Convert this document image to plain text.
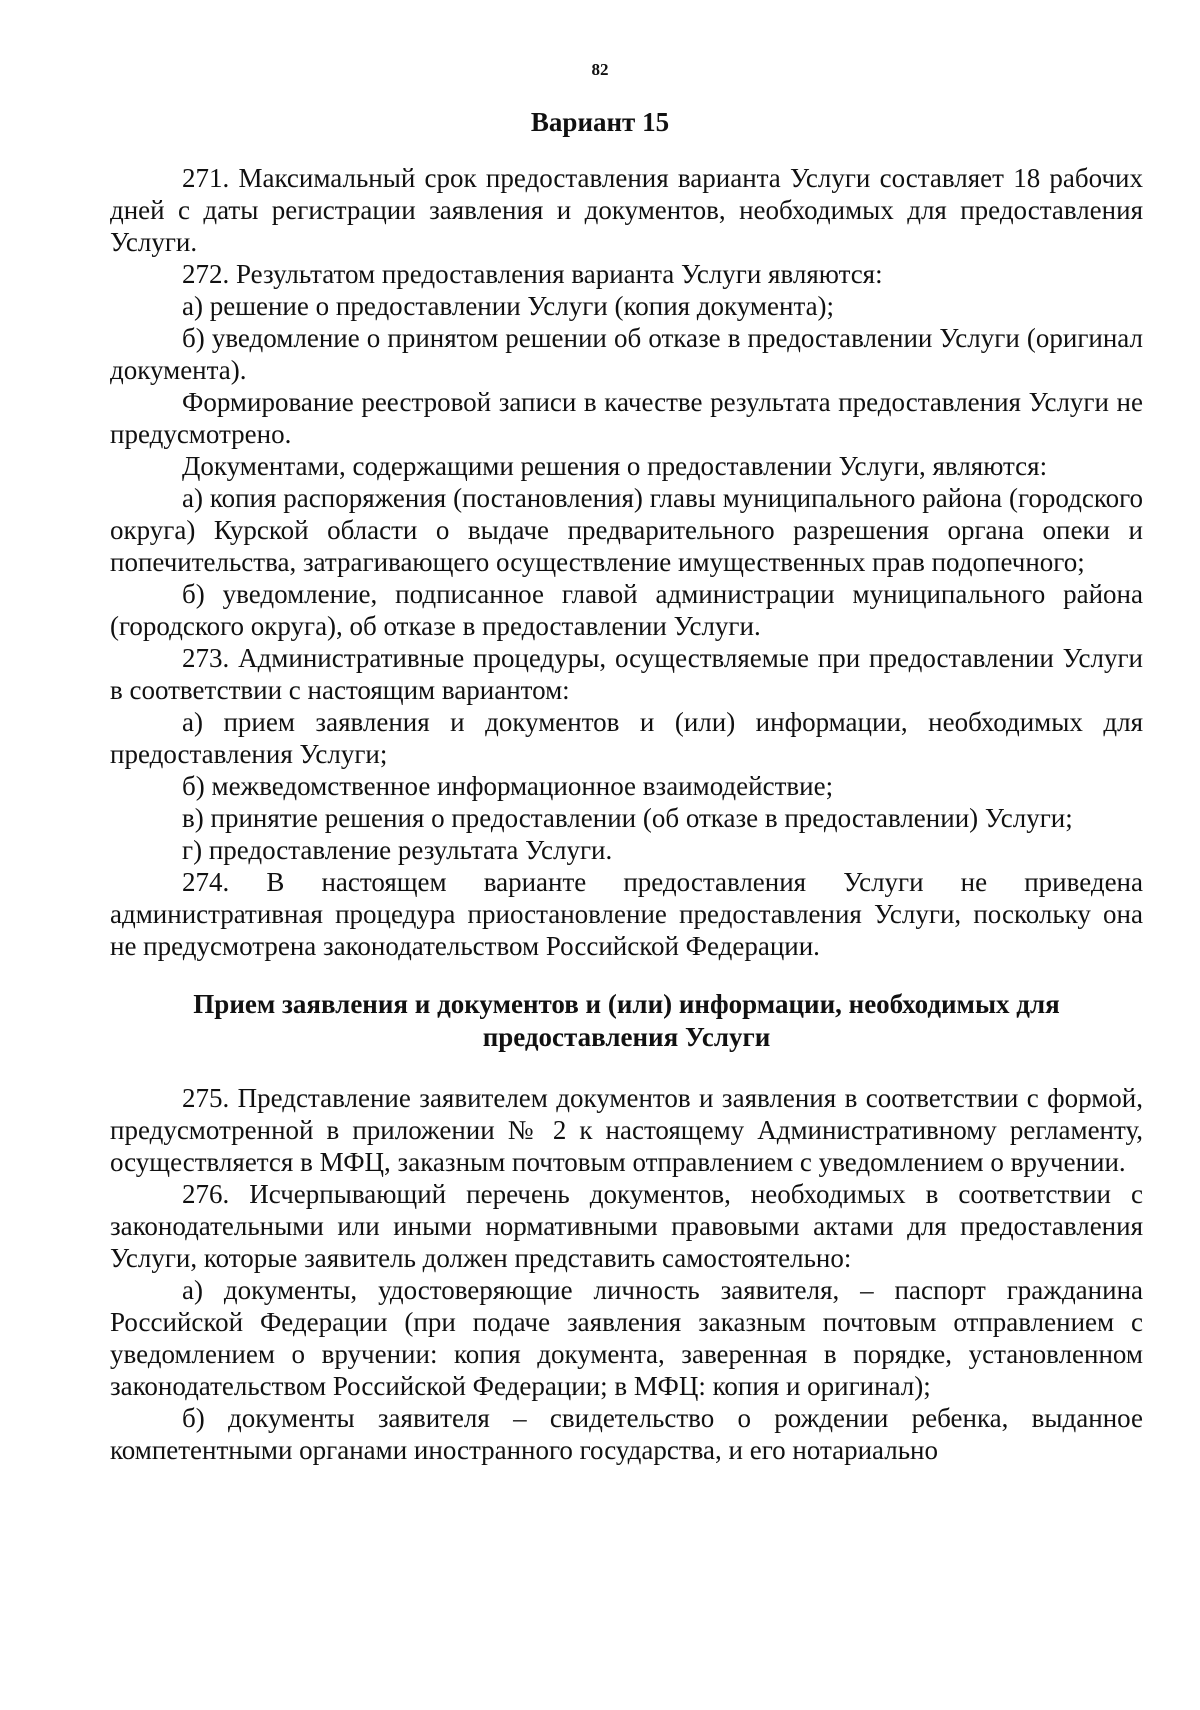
82
Вариант 15

271. Максимальный срок предоставления варианта Услуги составляет 18 рабочих дней с даты регистрации заявления и документов, необходимых для предоставления Услуги.

272. Результатом предоставления варианта Услуги являются:

а) решение о предоставлении Услуги (копия документа);

б) уведомление о принятом решении об отказе в предоставлении Услуги (оригинал документа).

Формирование реестровой записи в качестве результата предоставления Услуги не предусмотрено.

Документами, содержащими решения о предоставлении Услуги, являются:

а) копия распоряжения (постановления) главы муниципального района (городского округа) Курской области о выдаче предварительного разрешения органа опеки и попечительства, затрагивающего осуществление имущественных прав подопечного;

б) уведомление, подписанное главой администрации муниципального района (городского округа), об отказе в предоставлении Услуги.

273. Административные процедуры, осуществляемые при предоставлении Услуги в соответствии с настоящим вариантом:

а) прием заявления и документов и (или) информации, необходимых для предоставления Услуги;

б) межведомственное информационное взаимодействие;

в) принятие решения о предоставлении (об отказе в предоставлении) Услуги;

г) предоставление результата Услуги.

274. В настоящем варианте предоставления Услуги не приведена административная процедура приостановление предоставления Услуги, поскольку она не предусмотрена законодательством Российской Федерации.

Прием заявления и документов и (или) информации, необходимых для
предоставления Услуги

275. Представление заявителем документов и заявления в соответствии с формой, предусмотренной в приложении № 2 к настоящему Административному регламенту, осуществляется в МФЦ, заказным почтовым отправлением с уведомлением о вручении.

276. Исчерпывающий перечень документов, необходимых в соответствии с законодательными или иными нормативными правовыми актами для предоставления Услуги, которые заявитель должен представить самостоятельно:

а) документы, удостоверяющие личность заявителя, – паспорт гражданина Российской Федерации (при подаче заявления заказным почтовым отправлением с уведомлением о вручении: копия документа, заверенная в порядке, установленном законодательством Российской Федерации; в МФЦ: копия и оригинал);

б) документы заявителя – свидетельство о рождении ребенка, выданное компетентными органами иностранного государства, и его нотариально
